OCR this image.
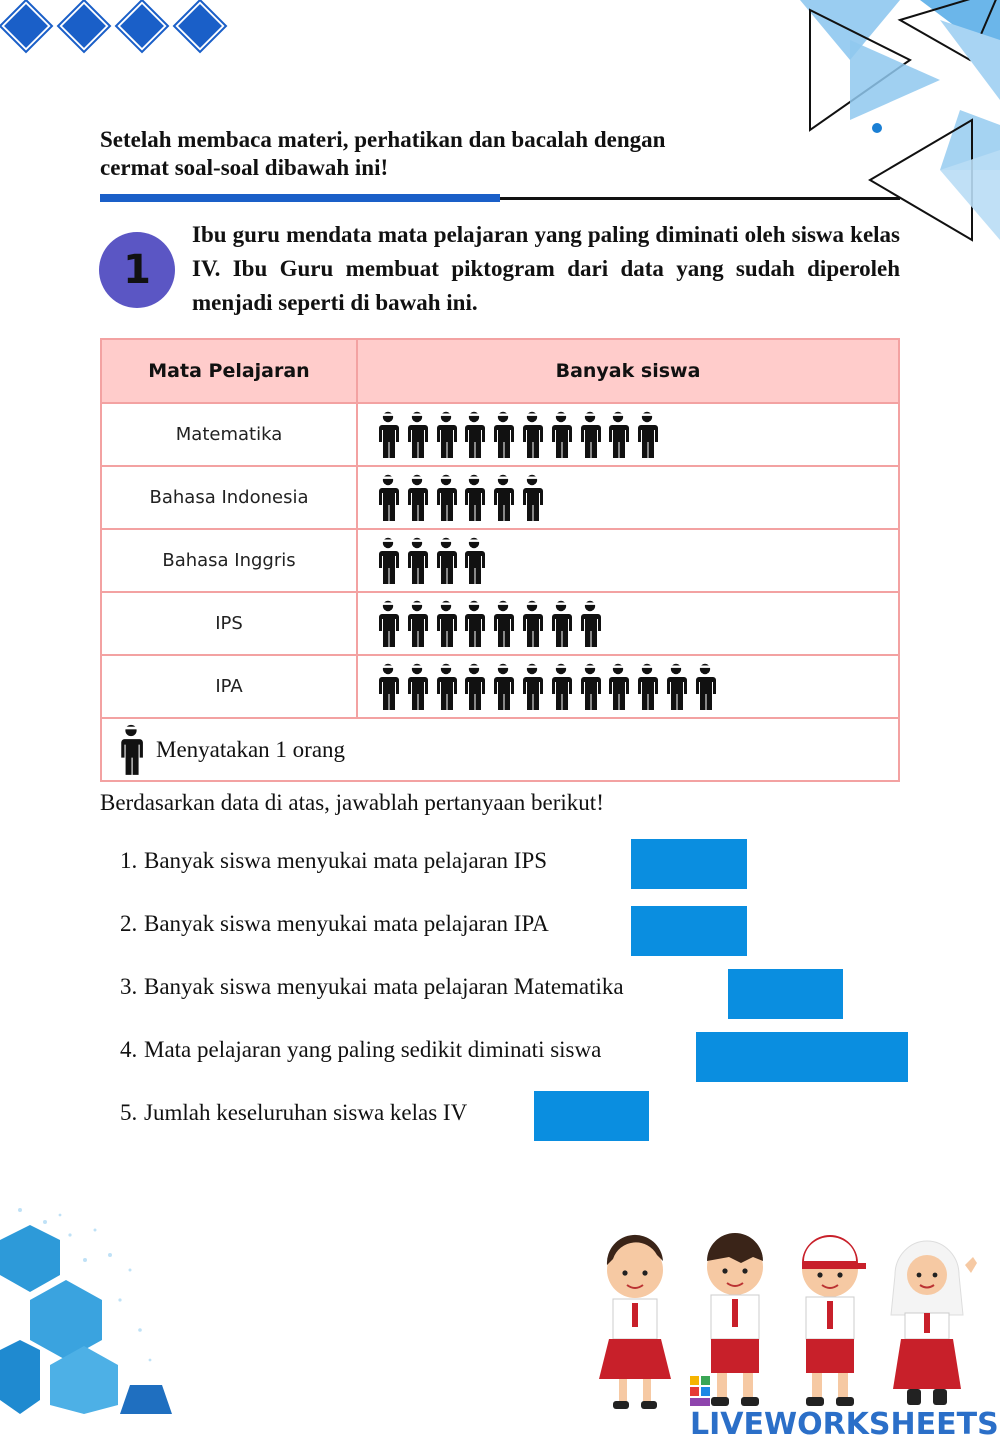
Setelah membaca materi, perhatikan dan bacalah dengan cermat soal-soal dibawah ini!
1
Ibu guru mendata mata pelajaran yang paling diminati oleh siswa kelas IV. Ibu Guru membuat piktogram dari data yang sudah diperoleh menjadi seperti di bawah ini.
Mata Pelajaran	Banyak siswa
Matematika	
Bahasa Indonesia	
Bahasa Inggris	
IPS	
IPA	

Menyatakan 1 orang	
Berdasarkan data di atas, jawablah pertanyaan berikut!
1. Banyak siswa menyukai mata pelajaran IPS
2. Banyak siswa menyukai mata pelajaran IPA
3. Banyak siswa menyukai mata pelajaran Matematika
4. Mata pelajaran yang paling sedikit diminati siswa
5. Jumlah keseluruhan siswa kelas IV
LIVEWORKSHEETS
